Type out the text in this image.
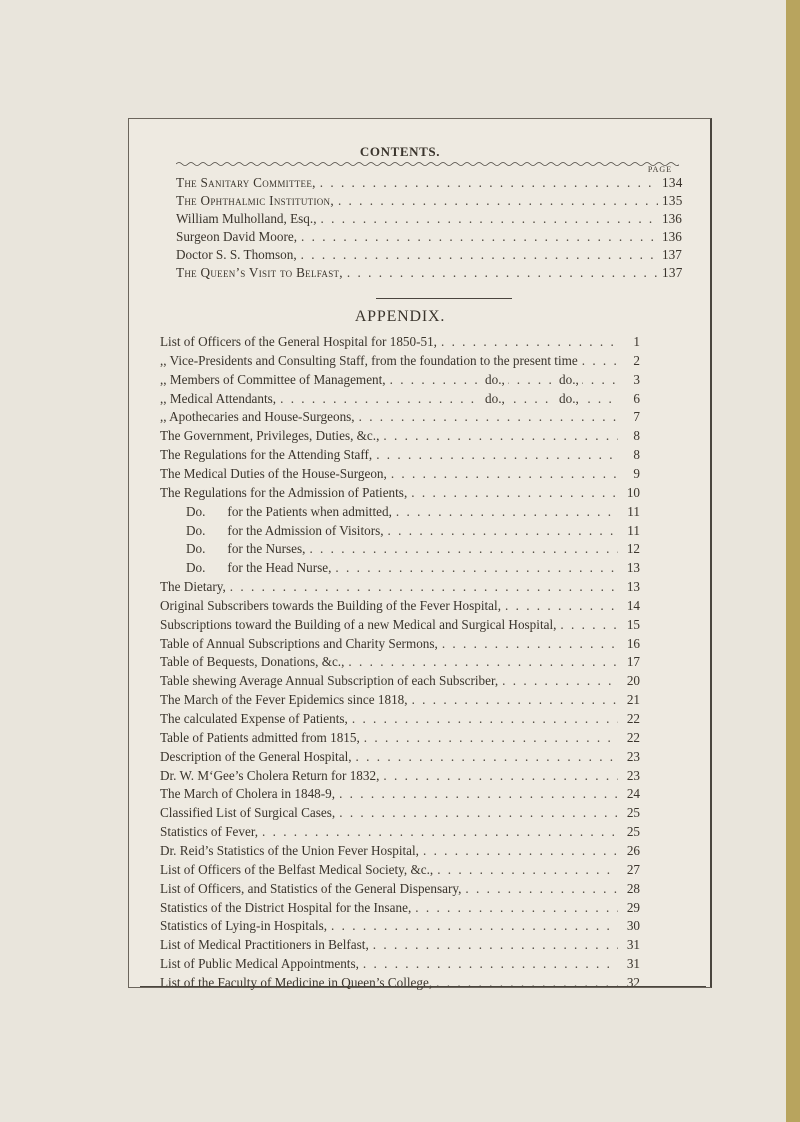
CONTENTS.
PAGE
The Sanitary Committee, . . .	134
The Ophthalmic Institution, . . .	135
William Mulholland, Esq., . . .	136
Surgeon David Moore, . . .	136
Doctor S. S. Thomson, . . .	137
The Queen’s Visit to Belfast, . . .	137
APPENDIX.
List of Officers of the General Hospital for 1850-51, . . .	1
,, Vice-Presidents and Consulting Staff, from the foundation to the present time . . .	2
,, Members of Committee of Management, . . .	do.,	do.,	3
,, Medical Attendants, . . .	do.,	do.,	6
,, Apothecaries and House-Surgeons, . . .	7
The Government, Privileges, Duties, &c., . . .	8
The Regulations for the Attending Staff, . . .	8
The Medical Duties of the House-Surgeon, . . .	9
The Regulations for the Admission of Patients, . . .	10
Do. for the Patients when admitted, . . .	11
Do. for the Admission of Visitors, . . .	11
Do. for the Nurses, . . .	12
Do. for the Head Nurse, . . .	13
The Dietary, . . .	13
Original Subscribers towards the Building of the Fever Hospital, . . .	14
Subscriptions toward the Building of a new Medical and Surgical Hospital, . . .	15
Table of Annual Subscriptions and Charity Sermons, . . .	16
Table of Bequests, Donations, &c., . . .	17
Table shewing Average Annual Subscription of each Subscriber, . . .	20
The March of the Fever Epidemics since 1818, . . .	21
The calculated Expense of Patients, . . .	22
Table of Patients admitted from 1815, . . .	22
Description of the General Hospital, . . .	23
Dr. W. M‘Gee’s Cholera Return for 1832, . . .	23
The March of Cholera in 1848-9, . . .	24
Classified List of Surgical Cases, . . .	25
Statistics of Fever, . . .	25
Dr. Reid’s Statistics of the Union Fever Hospital, . . .	26
List of Officers of the Belfast Medical Society, &c., . . .	27
List of Officers, and Statistics of the General Dispensary, . . .	28
Statistics of the District Hospital for the Insane, . . .	29
Statistics of Lying-in Hospitals, . . .	30
List of Medical Practitioners in Belfast, . . .	31
List of Public Medical Appointments, . . .	31
List of the Faculty of Medicine in Queen’s College, . . .	32
